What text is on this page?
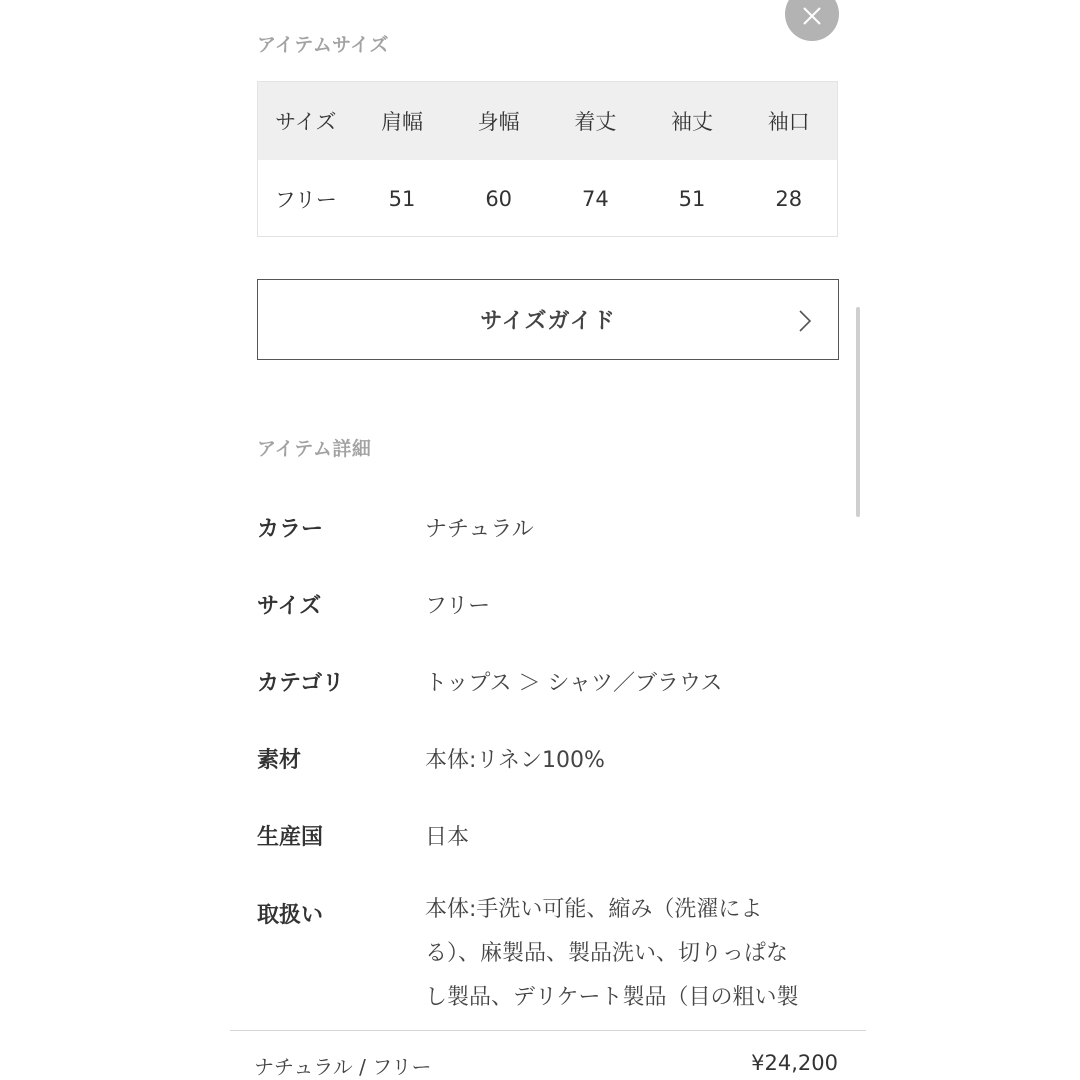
アイテムサイズ
サイズ	肩幅	身幅	着丈	袖丈	袖口
フリー	51	60	74	51	28
サイズガイド
アイテム詳細
カラー	ナチュラル
サイズ	フリー
カテゴリ	トップス ＞ シャツ／ブラウス
素材	本体:リネン100%
生産国	日本
取扱い	本体:手洗い可能、縮み（洗濯によ
る）、麻製品、製品洗い、切りっぱな
し製品、デリケート製品（目の粗い製
ナチュラル / フリー	¥24,200
